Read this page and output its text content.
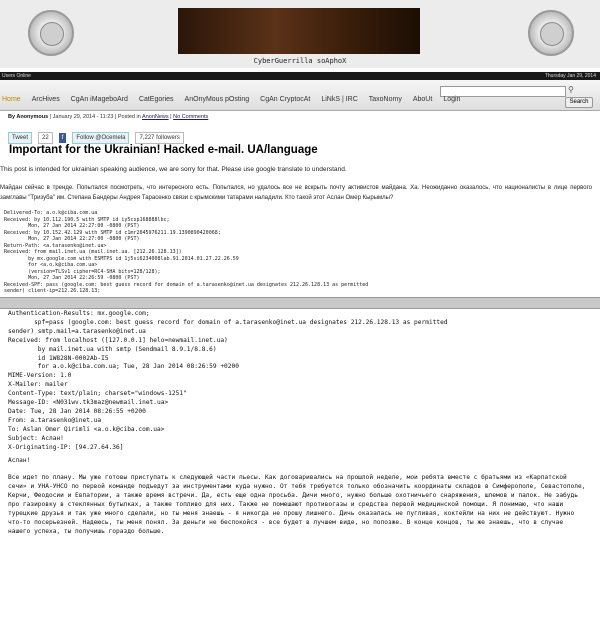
CyberGuerrilla soAphoX
Users Online	Thursday Jan 29, 2014
⚲
Home ArcHives CgAn iMageboArd CatEgories AnOnyMous pOsting CgAn CryptocAt LiNkS | IRC TaxoNomy AboUt Login	Search
By Anonymous | January 29, 2014 - 11:23 | Posted in AnonNews | No Comments
Tweet 22 f Follow @Ocemela 7,227 followers
Important for the Ukrainian! Hacked e-mail. UA/language
This post is intended for ukrainian speaking audience, we are sorry for that. Please use google translate to understand.
Майдан сейчас в тренде. Попытался посмотреть, что интересного есть. Попытался, но удалось все не вскрыть почту активистов майдана. Ха. Неожиданно оказалось, что националисты в лице первого замглавы "Тризуба" им. Степана Бандеры Андрея Тарасенко связи с крымскими татарами наладили. Кто такой этот Аслан Омер Кырымлы?
Delivered-To: a.o.k@ciba.com.ua
Received: by 10.112.190.5 with SMTP id iy5csp168888lbc;
Mon, 27 Jan 2014 22:27:00 -0800 (PST)
Received: by 10.152.42.129 with SMTP id c1mr2045976211.19.1390890420068;
Mon, 27 Jan 2014 22:27:00 -0800 (PST)
Return-Path: <a.tarasenko@inet.ua>
Received: from mail.inet.ua (mail.inet.ua. [212.26.128.13])
by mx.google.com with ESMTPS id 1j5si6234008lab.91.2014.01.27.22.26.59
for <a.o.k@ciba.com.ua>
(version=TLSv1 cipher=RC4-SHA bits=128/128);
Mon, 27 Jan 2014 22:26:59 -0800 (PST)
Received-SPF: pass (google.com: best guess record for domain of a.tarasenko@inet.ua designates 212.26.128.13 as permitted
sender) client-ip=212.26.128.13;
Authentication-Results: mx.google.com;
spf=pass (google.com: best guess record for domain of a.tarasenko@inet.ua designates 212.26.128.13 as permitted
sender) smtp.mail=a.tarasenko@inet.ua
Received: from localhost ([127.0.0.1] helo=newmail.inet.ua)
by mail.inet.ua with smtp (Sendmail 8.9.1/8.8.6)
id 1W828N-0002Ab-I5
for a.o.k@ciba.com.ua; Tue, 28 Jan 2014 08:26:59 +0200
MIME-Version: 1.0
X-Mailer: mailer
Content-Type: text/plain; charset="windows-1251"
Message-ID: <N031wv.tk3maz@newmail.inet.ua>
Date: Tue, 28 Jan 2014 08:26:55 +0200
From: a.tarasenko@inet.ua
To: Aslan Omer Qirimli <a.o.k@ciba.com.ua>
Subject: Аслан!
X-Originating-IP: [94.27.64.36]

Аслан!

Все идет по плану. Мы уже готовы приступать к следующей части пьесы. Как договаривались на прошлой неделе, мои ребята вместе с братьями из «Карпатской сечи» и УНА-УНСО по первой команде подъедут за инструментами куда нужно. От тебя требуется только обозначить координаты складов в Симферополе, Севастополе, Керчи, Феодосии и Евпатории, а также время встречи. Да, есть еще одна просьба. Дичи много, нужно больше охотничьего снаряжения, шлемов и палок. Не забудь про газировку в стеклянных бутылках, а также топливо для них. Также не помешают противогазы и средства первой медицинской помощи. Я понимаю, что наши турецкие друзья и так уже много сделали, но ты меня знаешь - я никогда не прошу лишнего. Дичь оказалась не пугливая, коктейли на них не действуют. Нужно что-то посерьезней. Надеюсь, ты меня понял. За деньги не беспокойся - все будет в лучшем виде, но попозже. В конце концов, ты же знаешь, что в случае нашего успеха, ты получишь гораздо больше.
